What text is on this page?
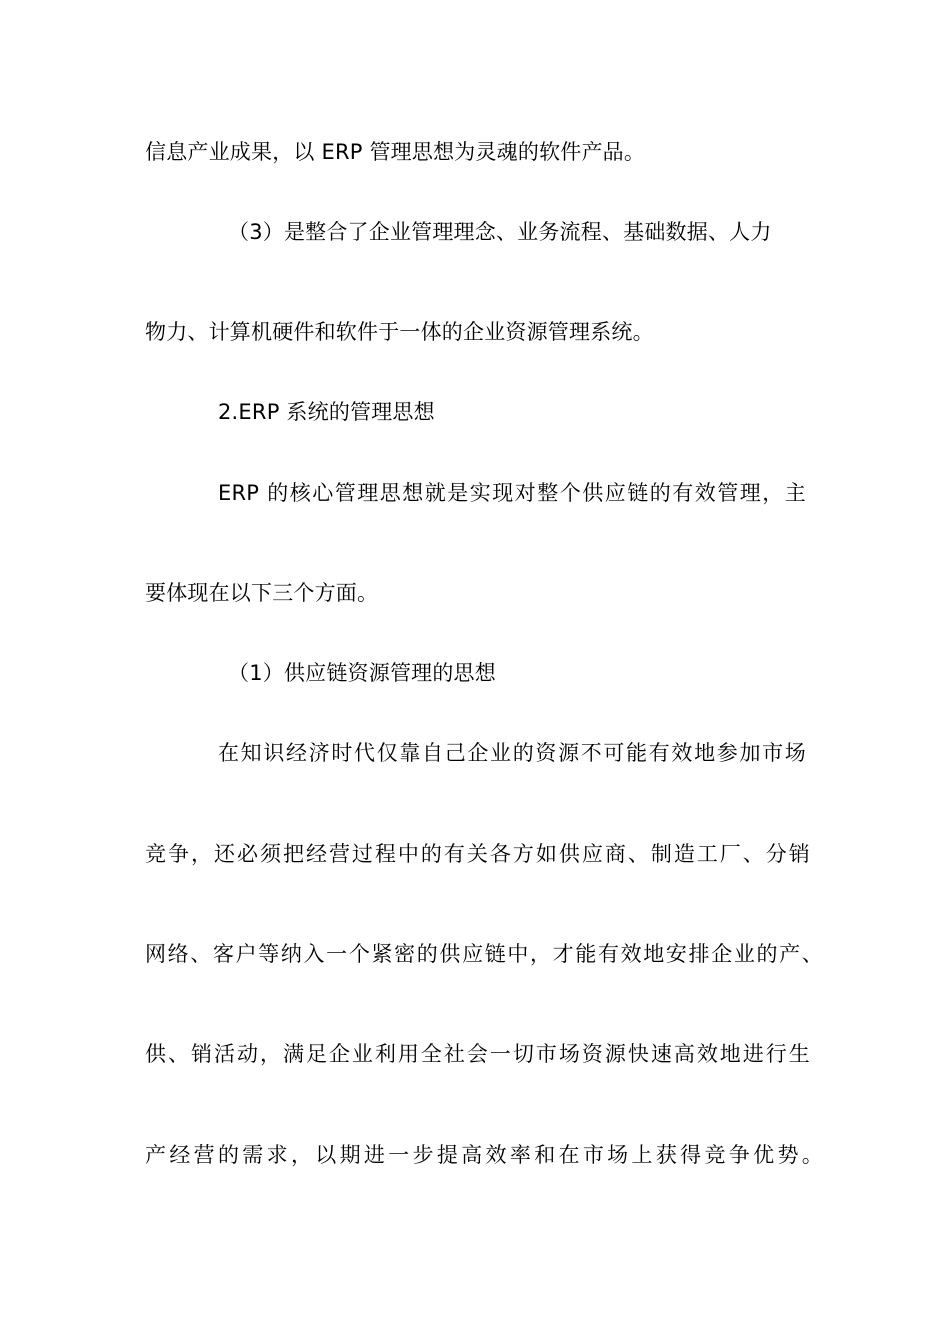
信息产业成果，以 ERP 管理思想为灵魂的软件产品。
（3）是整合了企业管理理念、业务流程、基础数据、人力
物力、计算机硬件和软件于一体的企业资源管理系统。
2.ERP 系统的管理思想
ERP 的核心管理思想就是实现对整个供应链的有效管理，主
要体现在以下三个方面。
（1）供应链资源管理的思想
在知识经济时代仅靠自己企业的资源不可能有效地参加市场
竞争，还必须把经营过程中的有关各方如供应商、制造工厂、分销
网络、客户等纳入一个紧密的供应链中，才能有效地安排企业的产、
供、销活动，满足企业利用全社会一切市场资源快速高效地进行生
产经营的需求，以期进一步提高效率和在市场上获得竞争优势。
